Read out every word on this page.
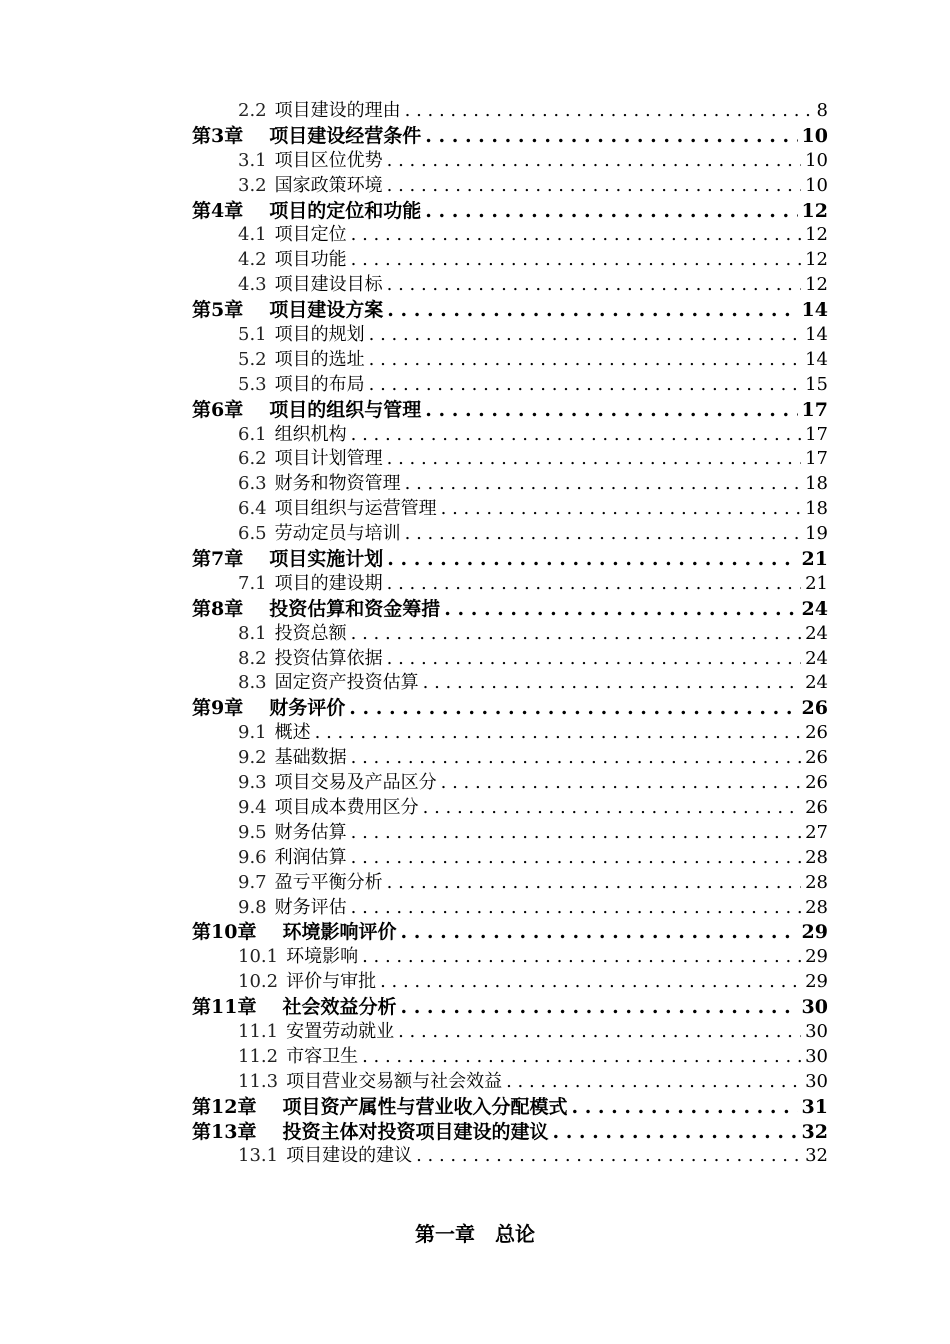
2.2 项目建设的理由 . . .	8
第3章 项目建设经营条件 . . .	10
3.1 项目区位优势 . . .	10
3.2 国家政策环境 . . .	10
第4章 项目的定位和功能 . . .	12
4.1 项目定位 . . .	12
4.2 项目功能 . . .	12
4.3 项目建设目标 . . .	12
第5章 项目建设方案 . . .	14
5.1 项目的规划 . . .	14
5.2 项目的选址 . . .	14
5.3 项目的布局 . . .	15
第6章 项目的组织与管理 . . .	17
6.1 组织机构 . . .	17
6.2 项目计划管理 . . .	17
6.3 财务和物资管理 . . .	18
6.4 项目组织与运营管理 . . .	18
6.5 劳动定员与培训 . . .	19
第7章 项目实施计划 . . .	21
7.1 项目的建设期 . . .	21
第8章 投资估算和资金筹措 . . .	24
8.1 投资总额 . . .	24
8.2 投资估算依据 . . .	24
8.3 固定资产投资估算 . . .	24
第9章 财务评价 . . .	26
9.1 概述 . . .	26
9.2 基础数据 . . .	26
9.3 项目交易及产品区分 . . .	26
9.4 项目成本费用区分 . . .	26
9.5 财务估算 . . .	27
9.6 利润估算 . . .	28
9.7 盈亏平衡分析 . . .	28
9.8 财务评估 . . .	28
第10章 环境影响评价 . . .	29
10.1 环境影响 . . .	29
10.2 评价与审批 . . .	29
第11章 社会效益分析 . . .	30
11.1 安置劳动就业 . . .	30
11.2 市容卫生 . . .	30
11.3 项目营业交易额与社会效益 . . .	30
第12章 项目资产属性与营业收入分配模式 . . .	31
第13章 投资主体对投资项目建设的建议 . . .	32
13.1 项目建设的建议 . . .	32
第一章　总论
